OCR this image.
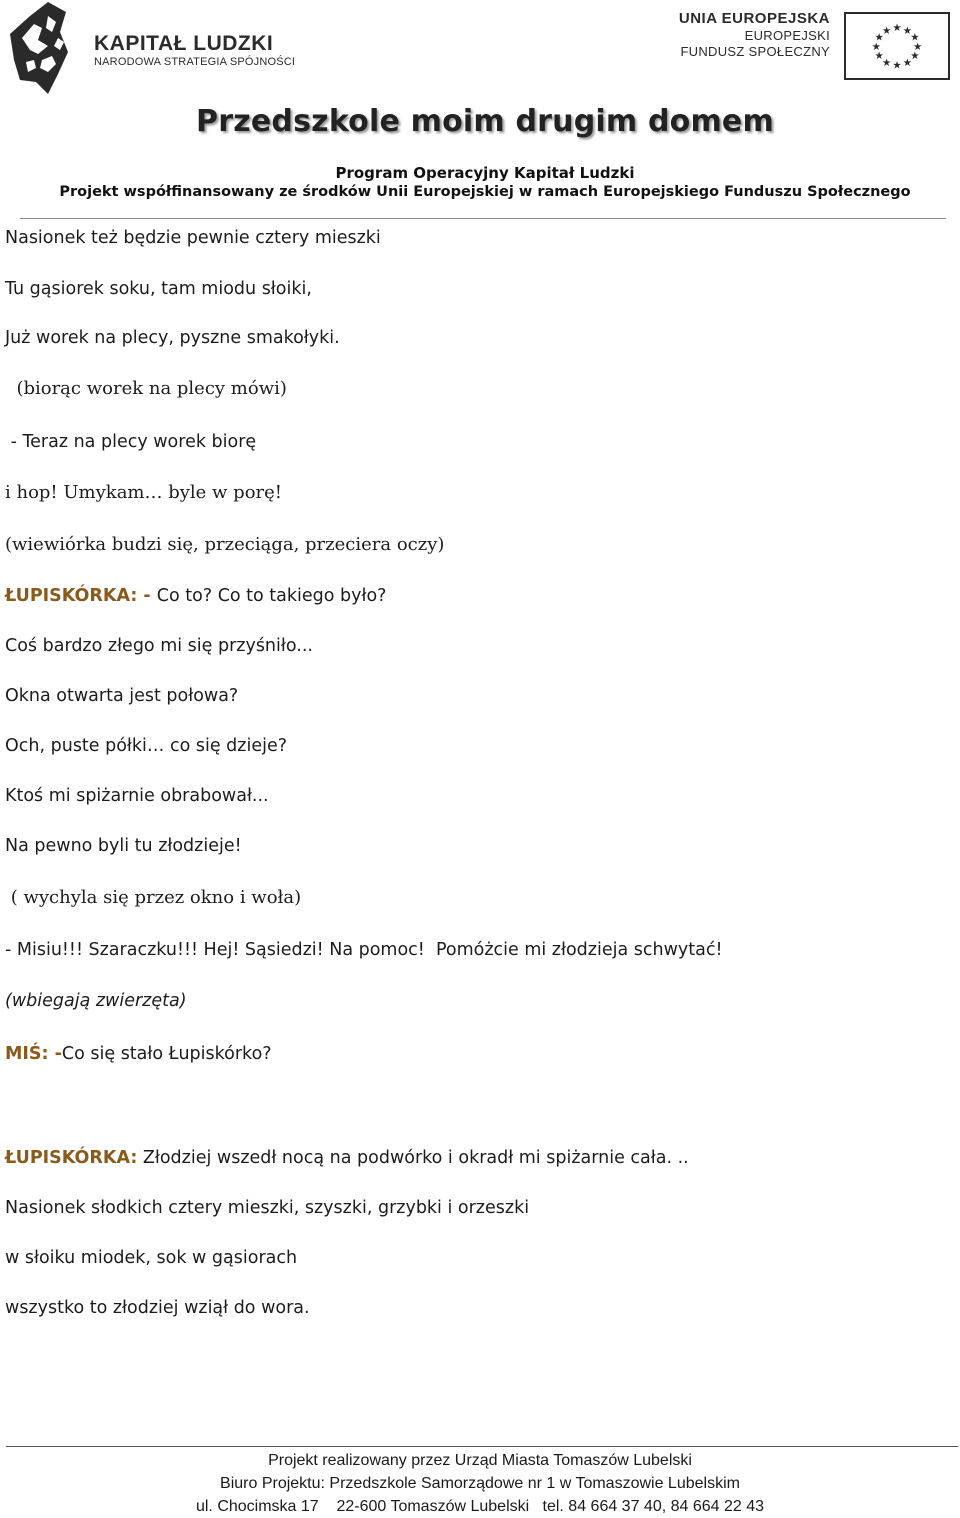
KAPITAŁ LUDZKI
NARODOWA STRATEGIA SPÓJNOŚCI
UNIA EUROPEJSKA
EUROPEJSKI
FUNDUSZ SPOŁECZNY
★ ★
★
★
★
★
★
★
★
★
★
★
Przedszkole moim drugim domem
Program Operacyjny Kapitał Ludzki
Projekt współfinansowany ze środków Unii Europejskiej w ramach Europejskiego Funduszu Społecznego
Nasionek też będzie pewnie cztery mieszki
Tu gąsiorek soku, tam miodu słoiki,
Już worek na plecy, pyszne smakołyki.
(biorąc worek na plecy mówi)
- Teraz na plecy worek biorę
i hop! Umykam… byle w porę!
(wiewiórka budzi się, przeciąga, przeciera oczy)
ŁUPISKÓRKA: - Co to? Co to takiego było?
Coś bardzo złego mi się przyśniło...
Okna otwarta jest połowa?
Och, puste półki… co się dzieje?
Ktoś mi spiżarnie obrabował...
Na pewno byli tu złodzieje!
( wychyla się przez okno i woła)
- Misiu!!! Szaraczku!!! Hej! Sąsiedzi! Na pomoc!  Pomóżcie mi złodzieja schwytać!
(wbiegają zwierzęta)
MIŚ: -Co się stało Łupiskórko?
ŁUPISKÓRKA: Złodziej wszedł nocą na podwórko i okradł mi spiżarnie cała. ..
Nasionek słodkich cztery mieszki, szyszki, grzybki i orzeszki
w słoiku miodek, sok w gąsiorach
wszystko to złodziej wziął do wora.
Projekt realizowany przez Urząd Miasta Tomaszów Lubelski
Biuro Projektu: Przedszkole Samorządowe nr 1 w Tomaszowie Lubelskim
ul. Chocimska 17    22-600 Tomaszów Lubelski   tel. 84 664 37 40, 84 664 22 43
